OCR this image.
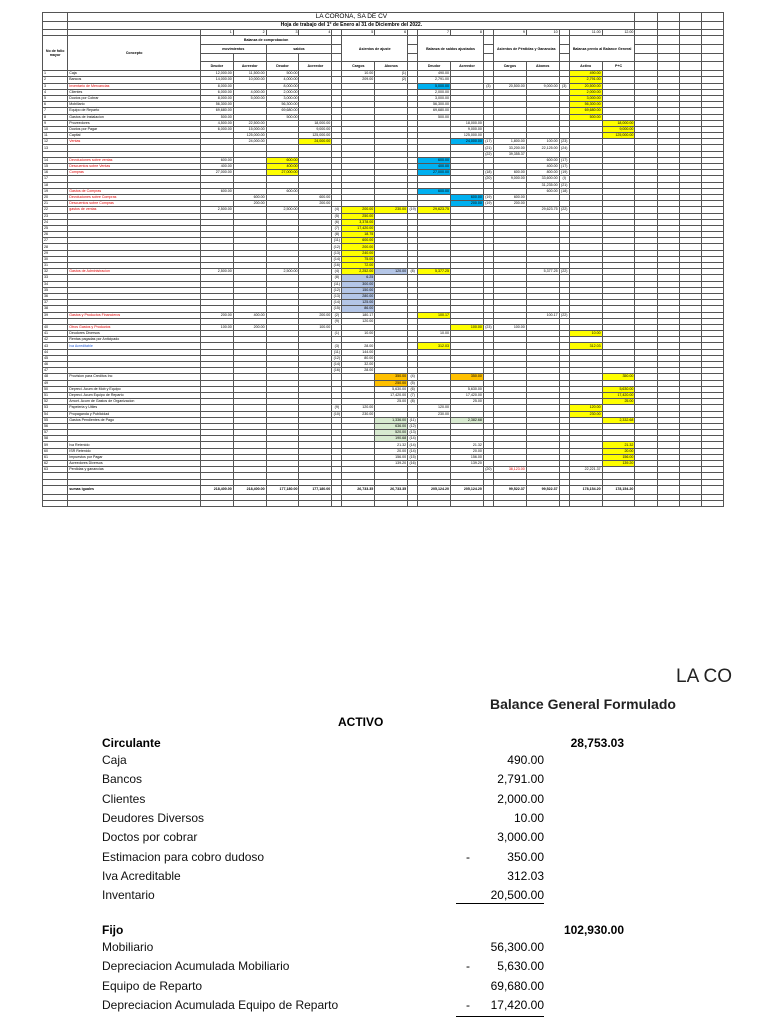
	LA CORONA, SA DE CV																				
	Hoja de trabajo del 1° de Enero al 31 de Diciembre del 2022.																				
		1	2	3	4		5	6		7	8		9	10		11.00	12.00				
No de folio mayor	Concepto	Balanza de comprobacion					Asientos de ajuste			Balanza de saldos ajustados			Asientos de Pérdidas y Ganancias			Balanza previo al Balance General					
		movimientos		saldos																	

		Deudor	Acreedor	Deudor	Acreedor		Cargos	Abonos		Deudor	Acreedor		Cargos	Abonos		Activo	P+C				
1	Caja	12,000.00	11,500.00	500.00			10.00	(1)		490.00						490.00					
2	Bancos	14,000.00	10,000.00	4,000.00			209.00	(2)		2,791.00						2,791.00					
3	Inventario de Mercancias	8,000.00		8,000.00						5,000.00		(3)	20,500.00	9,000.00	(3)	20,500.00					
4	Clientes	6,000.00	4,000.00	2,000.00						2,000.00						2,000.00					
5	Doctos por Cobrar	8,000.00	5,000.00	3,000.00						3,000.00						3,000.00					
6	Mobiliario	56,300.00		56,300.00						56,300.00						56,300.00					
7	Equipo de Reparto	69,680.00		69,680.00						69,680.00						69,680.00					
8	Gastos de Instalacion	500.00		500.00						500.00						500.00					
9	Proveedores	4,500.00	22,500.00		18,000.00						18,000.00						18,000.00				
10	Doctos por Pagar	6,000.00	15,000.00		9,000.00						9,000.00						9,000.00				
11	Capital		125,000.00		125,000.00						125,000.00						125,000.00				
12	Ventas		24,000.00		24,000.00						24,000.00	(17)	1,800.00	100.00	(23)						
13												(21)	33,200.00	22,125.00	(24)						
												(22)	39,355.37								
14	Devoluciones sobre ventas	600.00		600.00						600.00				600.00	(17)						
15	Descuentos sobre Ventas	400.00		400.00						400.00				400.00	(17)						
16	Compras	27,000.00		27,000.00						27,000.00		(18)	600.00	800.00	(19)						
17												(20)	9,000.00	33,600.00	(I)						
18														31,235.00	(21)						
19	Gastos de Compras	600.00		600.00						600.00				600.00	(18)						
20	Devoluciones sobre Compras		600.00		600.00						600.00	(19)	600.00								
21	Descuentos sobre Compras		200.00		200.00						200.00	(19)	200.00								
22	gastos de ventas	2,500.00		2,500.00		(4)	200.00	230.00	(19)	29,623.75				29,623.75	(22)						
23						(5)	250.00														
24						(6)	3,378.00														
25						(7)	17,420.00														
26						(8)	18.75														
27						(11)	600.00														
28						(12)	200.00														
29						(13)	240.00														
30						(14)	75.00														
31						(16)	72.00														
32	Gastos de Administracion	2,500.00		2,500.00		(4)	2,252.00	120.00	(8)	5,377.25				5,377.25	(22)						
33						(8)	6.25														
34						(11)	300.00														
35						(12)	150.00														
36						(13)	280.00														
37						(14)	125.00														
38						(15)	86.00														
39	Gastos y Productos Financieros	200.00	400.00		200.00	(2)	180.17			100.17				100.17	(22)						
						(9)	120.00														
40	Otros Gastos y Productos	100.00	200.00		100.00						100.00	(23)	100.00								
41	Deudores Diversos					(1)	10.00			10.00						10.00					
42	Rentas pagadas por Anticipado																				
43	Iva Acreditable					(3)	28.00			312.03						312.03					
44						(11)	144.00														
45						(12)	80.00														
46						(14)	32.00														
47						(16)	28.00														
48	Provision para Creditos Inc							350.00	(4)		350.00						350.00				
49								250.00	(5)												
50	Depreci. Acum de Mob y Equipo							5,630.00	(6)		5,630.00						5,630.00				
51	Depreci. Acum Equipo de Reparto							17,420.00	(7)		17,420.00						17,420.00				
52	Amort. Acum de Gastos de Organizacion							25.00	(8)		25.00						25.00				
53	Papeleria y Utiles					(9)	120.00			120.00						120.00					
54	Propaganda y Publicidad					(10)	230.00			230.00						230.00					
55	Gastos Pendientes de Pago							1,336.00	(11)		2,382.68						2,332.68				
56								636.00	(12)												
57								520.00	(13)												
58								190.68	(14)												
59	Iva Retenido							21.32	(14)		21.32						21.32				
60	ISR Retenido							20.00	(14)		20.00						20.00				
61	Impuestos por Pagar							156.00	(15)		156.00						156.00				
62	Acreedores Diversos							139.20	(16)		139.20						139.20				
63	Perdidas y ganancias											(20)	38,123.00			22,221.37					

	sumas iguales	218,400.00	218,400.00	177,180.00	177,180.00		26,733.35	26,733.35		205,124.20	205,124.20		99,522.37	99,522.37		178,154.20	178,154.20				

LA CO
Balance General Formulado
ACTIVO
Circulante	28,753.03
Caja	490.00
Bancos	2,791.00
Clientes	2,000.00
Deudores Diversos	10.00
Doctos por cobrar	3,000.00
Estimacion para cobro dudoso	-	350.00
Iva Acreditable	312.03
Inventario	20,500.00
Fijo	102,930.00
Mobiliario	56,300.00
Depreciacion Acumulada Mobiliario	- 5,630.00
Equipo de Reparto	69,680.00
Depreciacion Acumulada Equipo de Reparto	- 17,420.00
